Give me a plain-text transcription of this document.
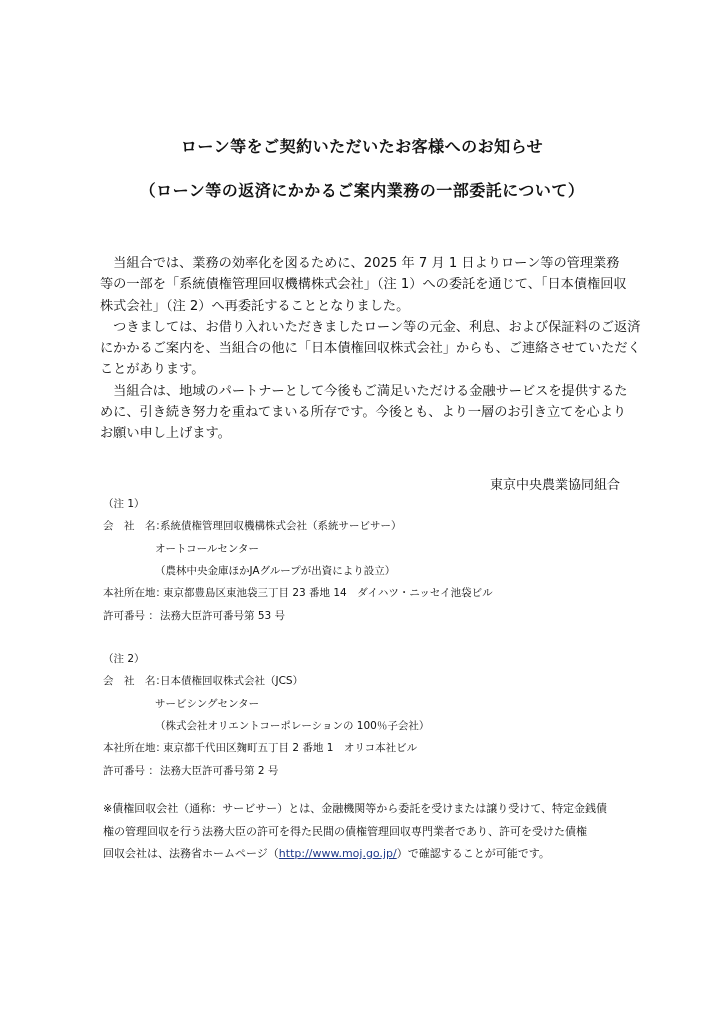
ローン等をご契約いただいたお客様へのお知らせ
（ローン等の返済にかかるご案内業務の一部委託について）
　当組合では、業務の効率化を図るために、2025 年 7 月 1 日よりローン等の管理業務
等の一部を「系統債権管理回収機構株式会社」（注 1）への委託を通じて、「日本債権回収
株式会社」（注 2）へ再委託することとなりました。
　つきましては、お借り入れいただきましたローン等の元金、利息、および保証料のご返済
にかかるご案内を、当組合の他に「日本債権回収株式会社」からも、ご連絡させていただく
ことがあります。
　当組合は、地域のパートナーとして今後もご満足いただける金融サービスを提供するた
めに、引き続き努力を重ねてまいる所存です。今後とも、より一層のお引き立てを心より
お願い申し上げます。
東京中央農業協同組合
（注 1）
会　社　名：
系統債権管理回収機構株式会社（系統サービサー）
オートコールセンター
（農林中央金庫ほかJAグループが出資により設立）
本社所在地：
東京都豊島区東池袋三丁目 23 番地 14　ダイハツ・ニッセイ池袋ビル
許可番号 ： 法務大臣許可番号第 53 号
（注 2）
会　社　名：
日本債権回収株式会社（JCS）
サービシングセンター
（株式会社オリエントコーポレーションの 100％子会社）
本社所在地：
東京都千代田区麹町五丁目 2 番地 1　オリコ本社ビル
許可番号 ： 法務大臣許可番号第 2 号
※債権回収会社（通称：サービサー）とは、金融機関等から委託を受けまたは譲り受けて、特定金銭債
権の管理回収を行う法務大臣の許可を得た民間の債権管理回収専門業者であり、許可を受けた債権
回収会社は、法務省ホームページ（http://www.moj.go.jp/）で確認することが可能です。
